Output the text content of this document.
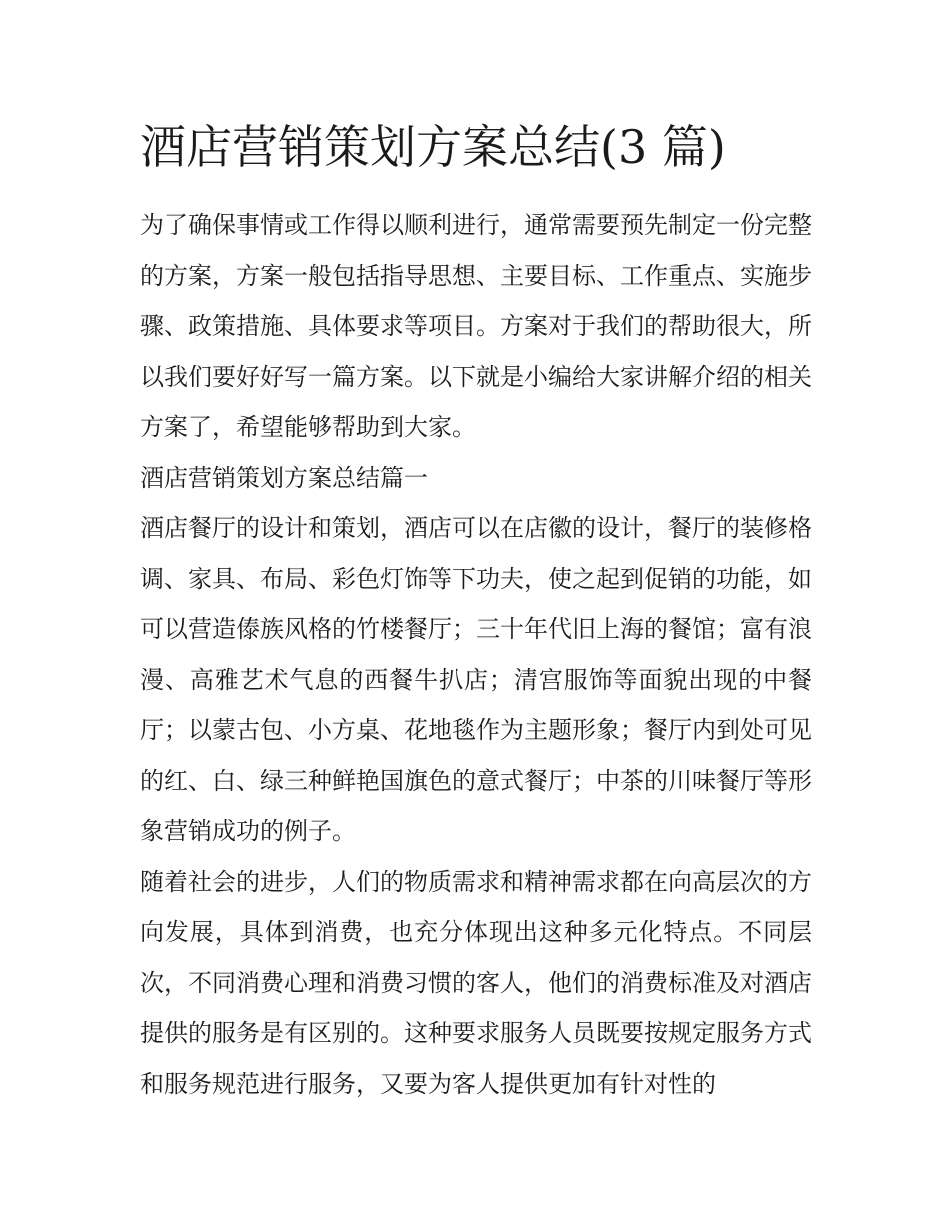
酒店营销策划方案总结(3 篇)

为了确保事情或工作得以顺利进行，通常需要预先制定一份完整的方案，方案一般包括指导思想、主要目标、工作重点、实施步骤、政策措施、具体要求等项目。方案对于我们的帮助很大，所以我们要好好写一篇方案。以下就是小编给大家讲解介绍的相关方案了，希望能够帮助到大家。

酒店营销策划方案总结篇一

酒店餐厅的设计和策划，酒店可以在店徽的设计，餐厅的装修格调、家具、布局、彩色灯饰等下功夫，使之起到促销的功能，如可以营造傣族风格的竹楼餐厅；三十年代旧上海的餐馆；富有浪漫、高雅艺术气息的西餐牛扒店；清宫服饰等面貌出现的中餐厅；以蒙古包、小方桌、花地毯作为主题形象；餐厅内到处可见的红、白、绿三种鲜艳国旗色的意式餐厅；中茶的川味餐厅等形象营销成功的例子。

随着社会的进步，人们的物质需求和精神需求都在向高层次的方向发展，具体到消费，也充分体现出这种多元化特点。不同层次，不同消费心理和消费习惯的客人，他们的消费标准及对酒店提供的服务是有区别的。这种要求服务人员既要按规定服务方式和服务规范进行服务，又要为客人提供更加有针对性的
